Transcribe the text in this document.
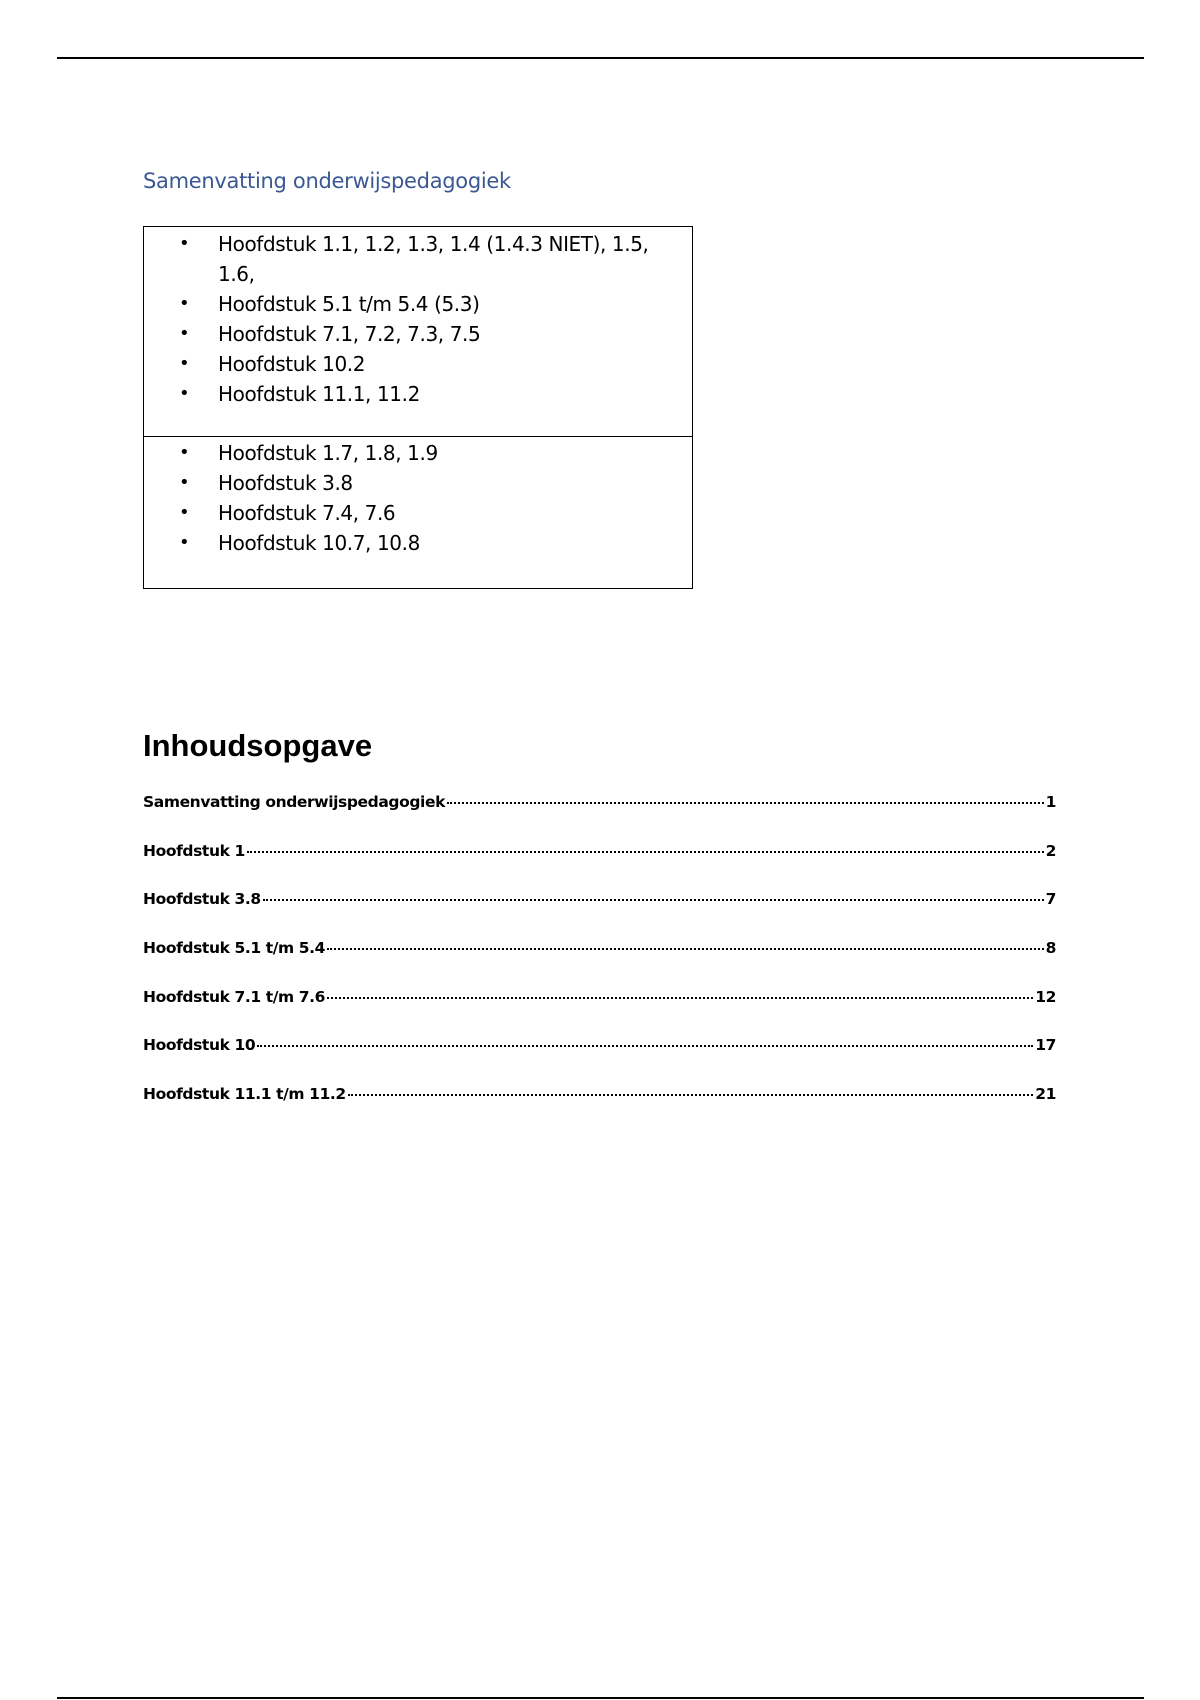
Samenvatting onderwijspedagogiek
• Hoofdstuk 1.1, 1.2, 1.3, 1.4 (1.4.3 NIET), 1.5, 1.6,
• Hoofdstuk 5.1 t/m 5.4 (5.3)
• Hoofdstuk 7.1, 7.2, 7.3, 7.5
• Hoofdstuk 10.2
• Hoofdstuk 11.1, 11.2
• Hoofdstuk 1.7, 1.8, 1.9
• Hoofdstuk 3.8
• Hoofdstuk 7.4, 7.6
• Hoofdstuk 10.7, 10.8
Inhoudsopgave
Samenvatting onderwijspedagogiek	1
Hoofdstuk 1	2
Hoofdstuk 3.8	7
Hoofdstuk 5.1 t/m 5.4	8
Hoofdstuk 7.1 t/m 7.6	12
Hoofdstuk 10	17
Hoofdstuk 11.1 t/m 11.2	21
